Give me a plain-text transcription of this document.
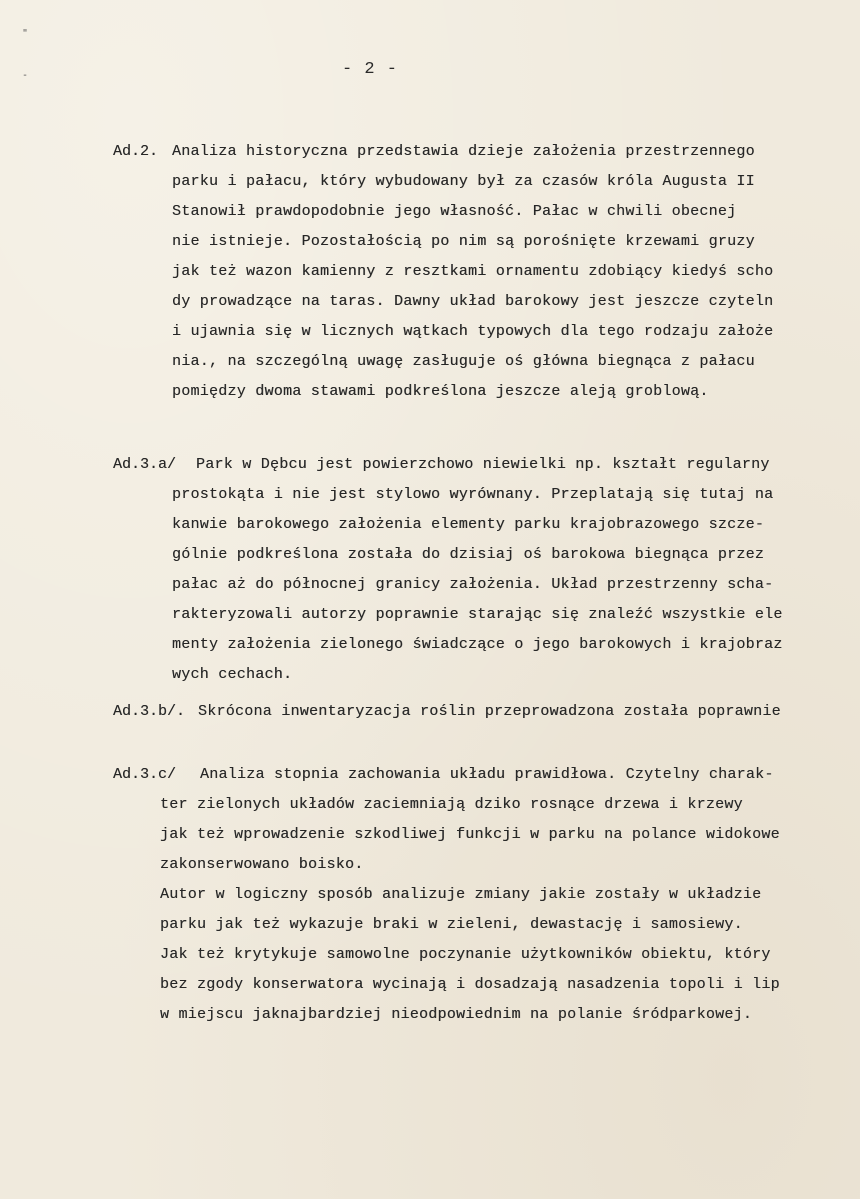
"
-	- 2 -
Ad.2. Analiza historyczna przedstawia dzieje założenia przestrzennego
parku i pałacu, który wybudowany był za czasów króla Augusta II
Stanowił prawdopodobnie jego własność. Pałac w chwili obecnej
nie istnieje. Pozostałością po nim są porośnięte krzewami gruzy
jak też wazon kamienny z resztkami ornamentu zdobiący kiedyś scho
dy prowadzące na taras. Dawny układ barokowy jest jeszcze czyteln
i ujawnia się w licznych wątkach typowych dla tego rodzaju założe
nia., na szczególną uwagę zasługuje oś główna biegnąca z pałacu
pomiędzy dwoma stawami podkreślona jeszcze aleją groblową.
Ad.3.a/ Park w Dębcu jest powierzchowo niewielki np. kształt regularny
prostokąta i nie jest stylowo wyrównany. Przeplatają się tutaj na
kanwie barokowego założenia elementy parku krajobrazowego szcze-
gólnie podkreślona została do dzisiaj oś barokowa biegnąca przez
pałac aż do północnej granicy założenia. Układ przestrzenny scha-
rakteryzowali autorzy poprawnie starając się znaleźć wszystkie ele
menty założenia zielonego świadczące o jego barokowych i krajobraz
wych cechach.
Ad.3.b/. Skrócona inwentaryzacja roślin przeprowadzona została poprawnie
Ad.3.c/ Analiza stopnia zachowania układu prawidłowa. Czytelny charak-
ter zielonych układów zaciemniają dziko rosnące drzewa i krzewy
jak też wprowadzenie szkodliwej funkcji w parku na polance widokowe
zakonserwowano boisko.
Autor w logiczny sposób analizuje zmiany jakie zostały w układzie
parku jak też wykazuje braki w zieleni, dewastację i samosiewy.
Jak też krytykuje samowolne poczynanie użytkowników obiektu, który
bez zgody konserwatora wycinają i dosadzają nasadzenia topoli i lip
w miejscu jaknajbardziej nieodpowiednim na polanie śródparkowej.
